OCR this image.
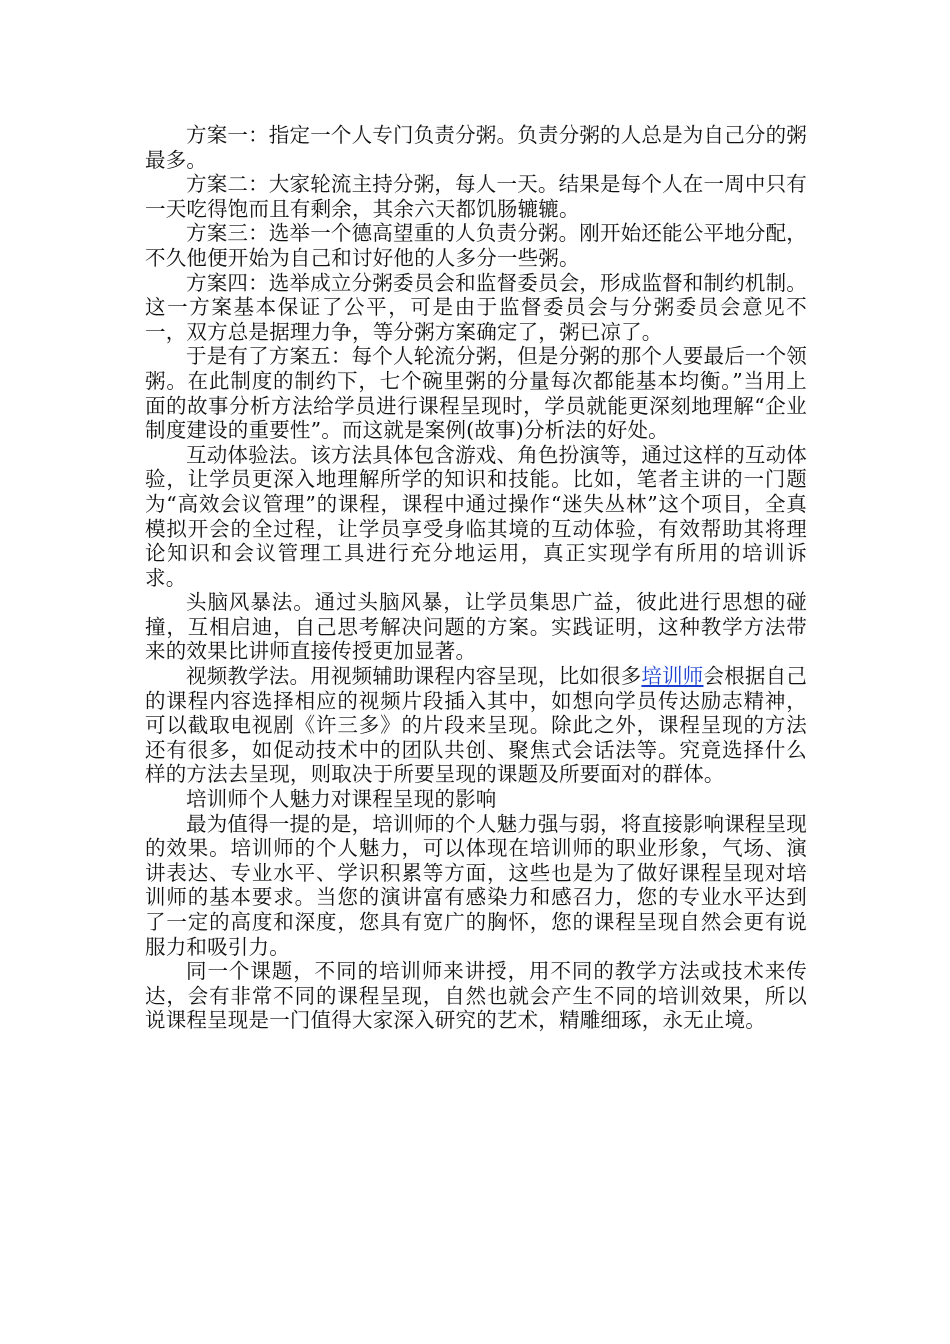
方案一：指定一个人专门负责分粥。负责分粥的人总是为自己分的粥最多。

方案二：大家轮流主持分粥，每人一天。结果是每个人在一周中只有一天吃得饱而且有剩余，其余六天都饥肠辘辘。

方案三：选举一个德高望重的人负责分粥。刚开始还能公平地分配，不久他便开始为自己和讨好他的人多分一些粥。

方案四：选举成立分粥委员会和监督委员会，形成监督和制约机制。这一方案基本保证了公平，可是由于监督委员会与分粥委员会意见不一，双方总是据理力争，等分粥方案确定了，粥已凉了。

于是有了方案五：每个人轮流分粥，但是分粥的那个人要最后一个领粥。在此制度的制约下，七个碗里粥的分量每次都能基本均衡。”当用上面的故事分析方法给学员进行课程呈现时，学员就能更深刻地理解“企业制度建设的重要性”。而这就是案例(故事)分析法的好处。

互动体验法。该方法具体包含游戏、角色扮演等，通过这样的互动体验，让学员更深入地理解所学的知识和技能。比如，笔者主讲的一门题为“高效会议管理”的课程，课程中通过操作“迷失丛林”这个项目，全真模拟开会的全过程，让学员享受身临其境的互动体验，有效帮助其将理论知识和会议管理工具进行充分地运用，真正实现学有所用的培训诉求。

头脑风暴法。通过头脑风暴，让学员集思广益，彼此进行思想的碰撞，互相启迪，自己思考解决问题的方案。实践证明，这种教学方法带来的效果比讲师直接传授更加显著。

视频教学法。用视频辅助课程内容呈现，比如很多培训师会根据自己的课程内容选择相应的视频片段插入其中，如想向学员传达励志精神，可以截取电视剧《许三多》的片段来呈现。除此之外，课程呈现的方法还有很多，如促动技术中的团队共创、聚焦式会话法等。究竟选择什么样的方法去呈现，则取决于所要呈现的课题及所要面对的群体。

培训师个人魅力对课程呈现的影响

最为值得一提的是，培训师的个人魅力强与弱，将直接影响课程呈现的效果。培训师的个人魅力，可以体现在培训师的职业形象，气场、演讲表达、专业水平、学识积累等方面，这些也是为了做好课程呈现对培训师的基本要求。当您的演讲富有感染力和感召力，您的专业水平达到了一定的高度和深度，您具有宽广的胸怀，您的课程呈现自然会更有说服力和吸引力。

同一个课题，不同的培训师来讲授，用不同的教学方法或技术来传达，会有非常不同的课程呈现，自然也就会产生不同的培训效果，所以说课程呈现是一门值得大家深入研究的艺术，精雕细琢，永无止境。
